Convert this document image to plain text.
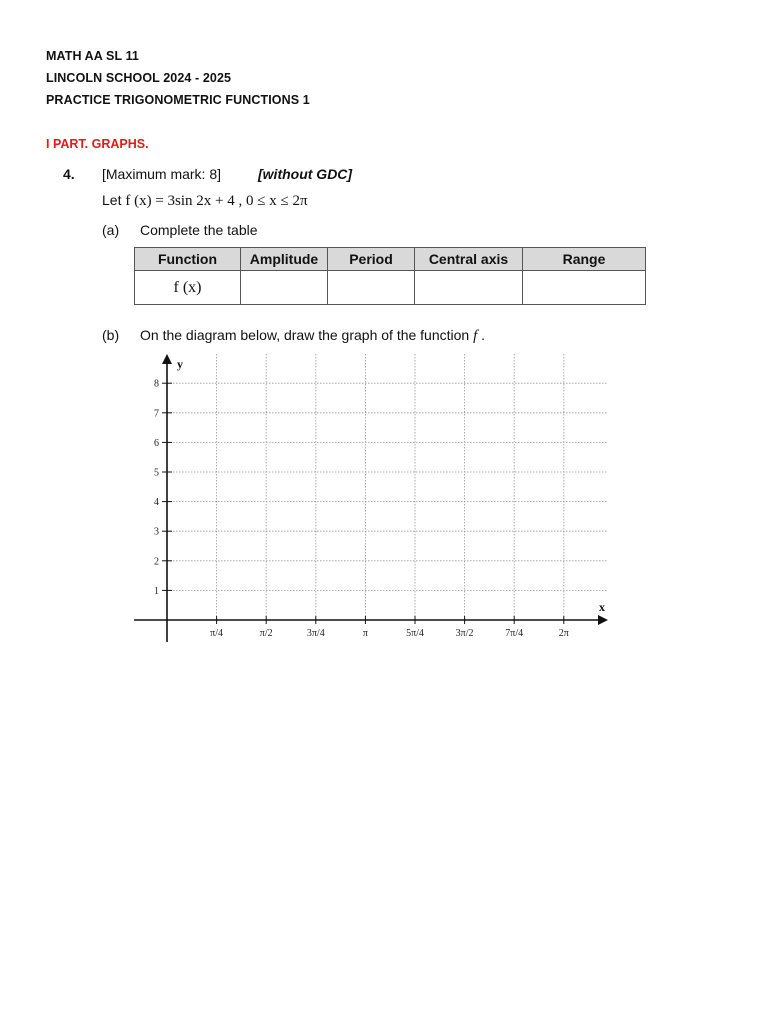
MATH AA SL 11
LINCOLN SCHOOL 2024 - 2025
PRACTICE TRIGONOMETRIC FUNCTIONS 1
I PART. GRAPHS.
4. [Maximum mark: 8]	[without GDC]
Let f (x) = 3sin 2x + 4 , 0 ≤ x ≤ 2π
(a) Complete the table
Function	Amplitude	Period	Central axis	Range
f (x)				
(b) On the diagram below, draw the graph of the function f .
x
y
π/4	π/2	3π/4	π	5π/4	3π/2	7π/4	2π
1
2
3
4
5
6
7
8
